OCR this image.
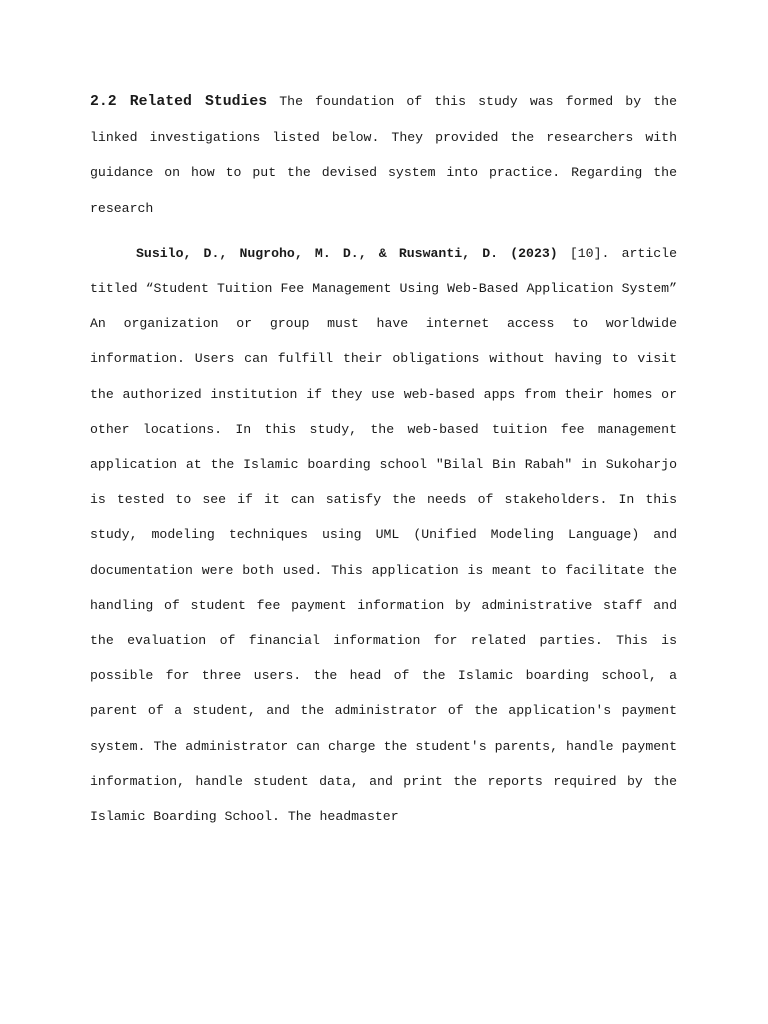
2.2 Related Studies The foundation of this study was formed by the linked investigations listed below. They provided the researchers with guidance on how to put the devised system into practice. Regarding the research

Susilo, D., Nugroho, M. D., & Ruswanti, D. (2023) [10]. article titled “Student Tuition Fee Management Using Web-Based Application System” An organization or group must have internet access to worldwide information. Users can fulfill their obligations without having to visit the authorized institution if they use web-based apps from their homes or other locations. In this study, the web-based tuition fee management application at the Islamic boarding school "Bilal Bin Rabah" in Sukoharjo is tested to see if it can satisfy the needs of stakeholders. In this study, modeling techniques using UML (Unified Modeling Language) and documentation were both used. This application is meant to facilitate the handling of student fee payment information by administrative staff and the evaluation of financial information for related parties. This is possible for three users. the head of the Islamic boarding school, a parent of a student, and the administrator of the application's payment system. The administrator can charge the student's parents, handle payment information, handle student data, and print the reports required by the Islamic Boarding School. The headmaster
